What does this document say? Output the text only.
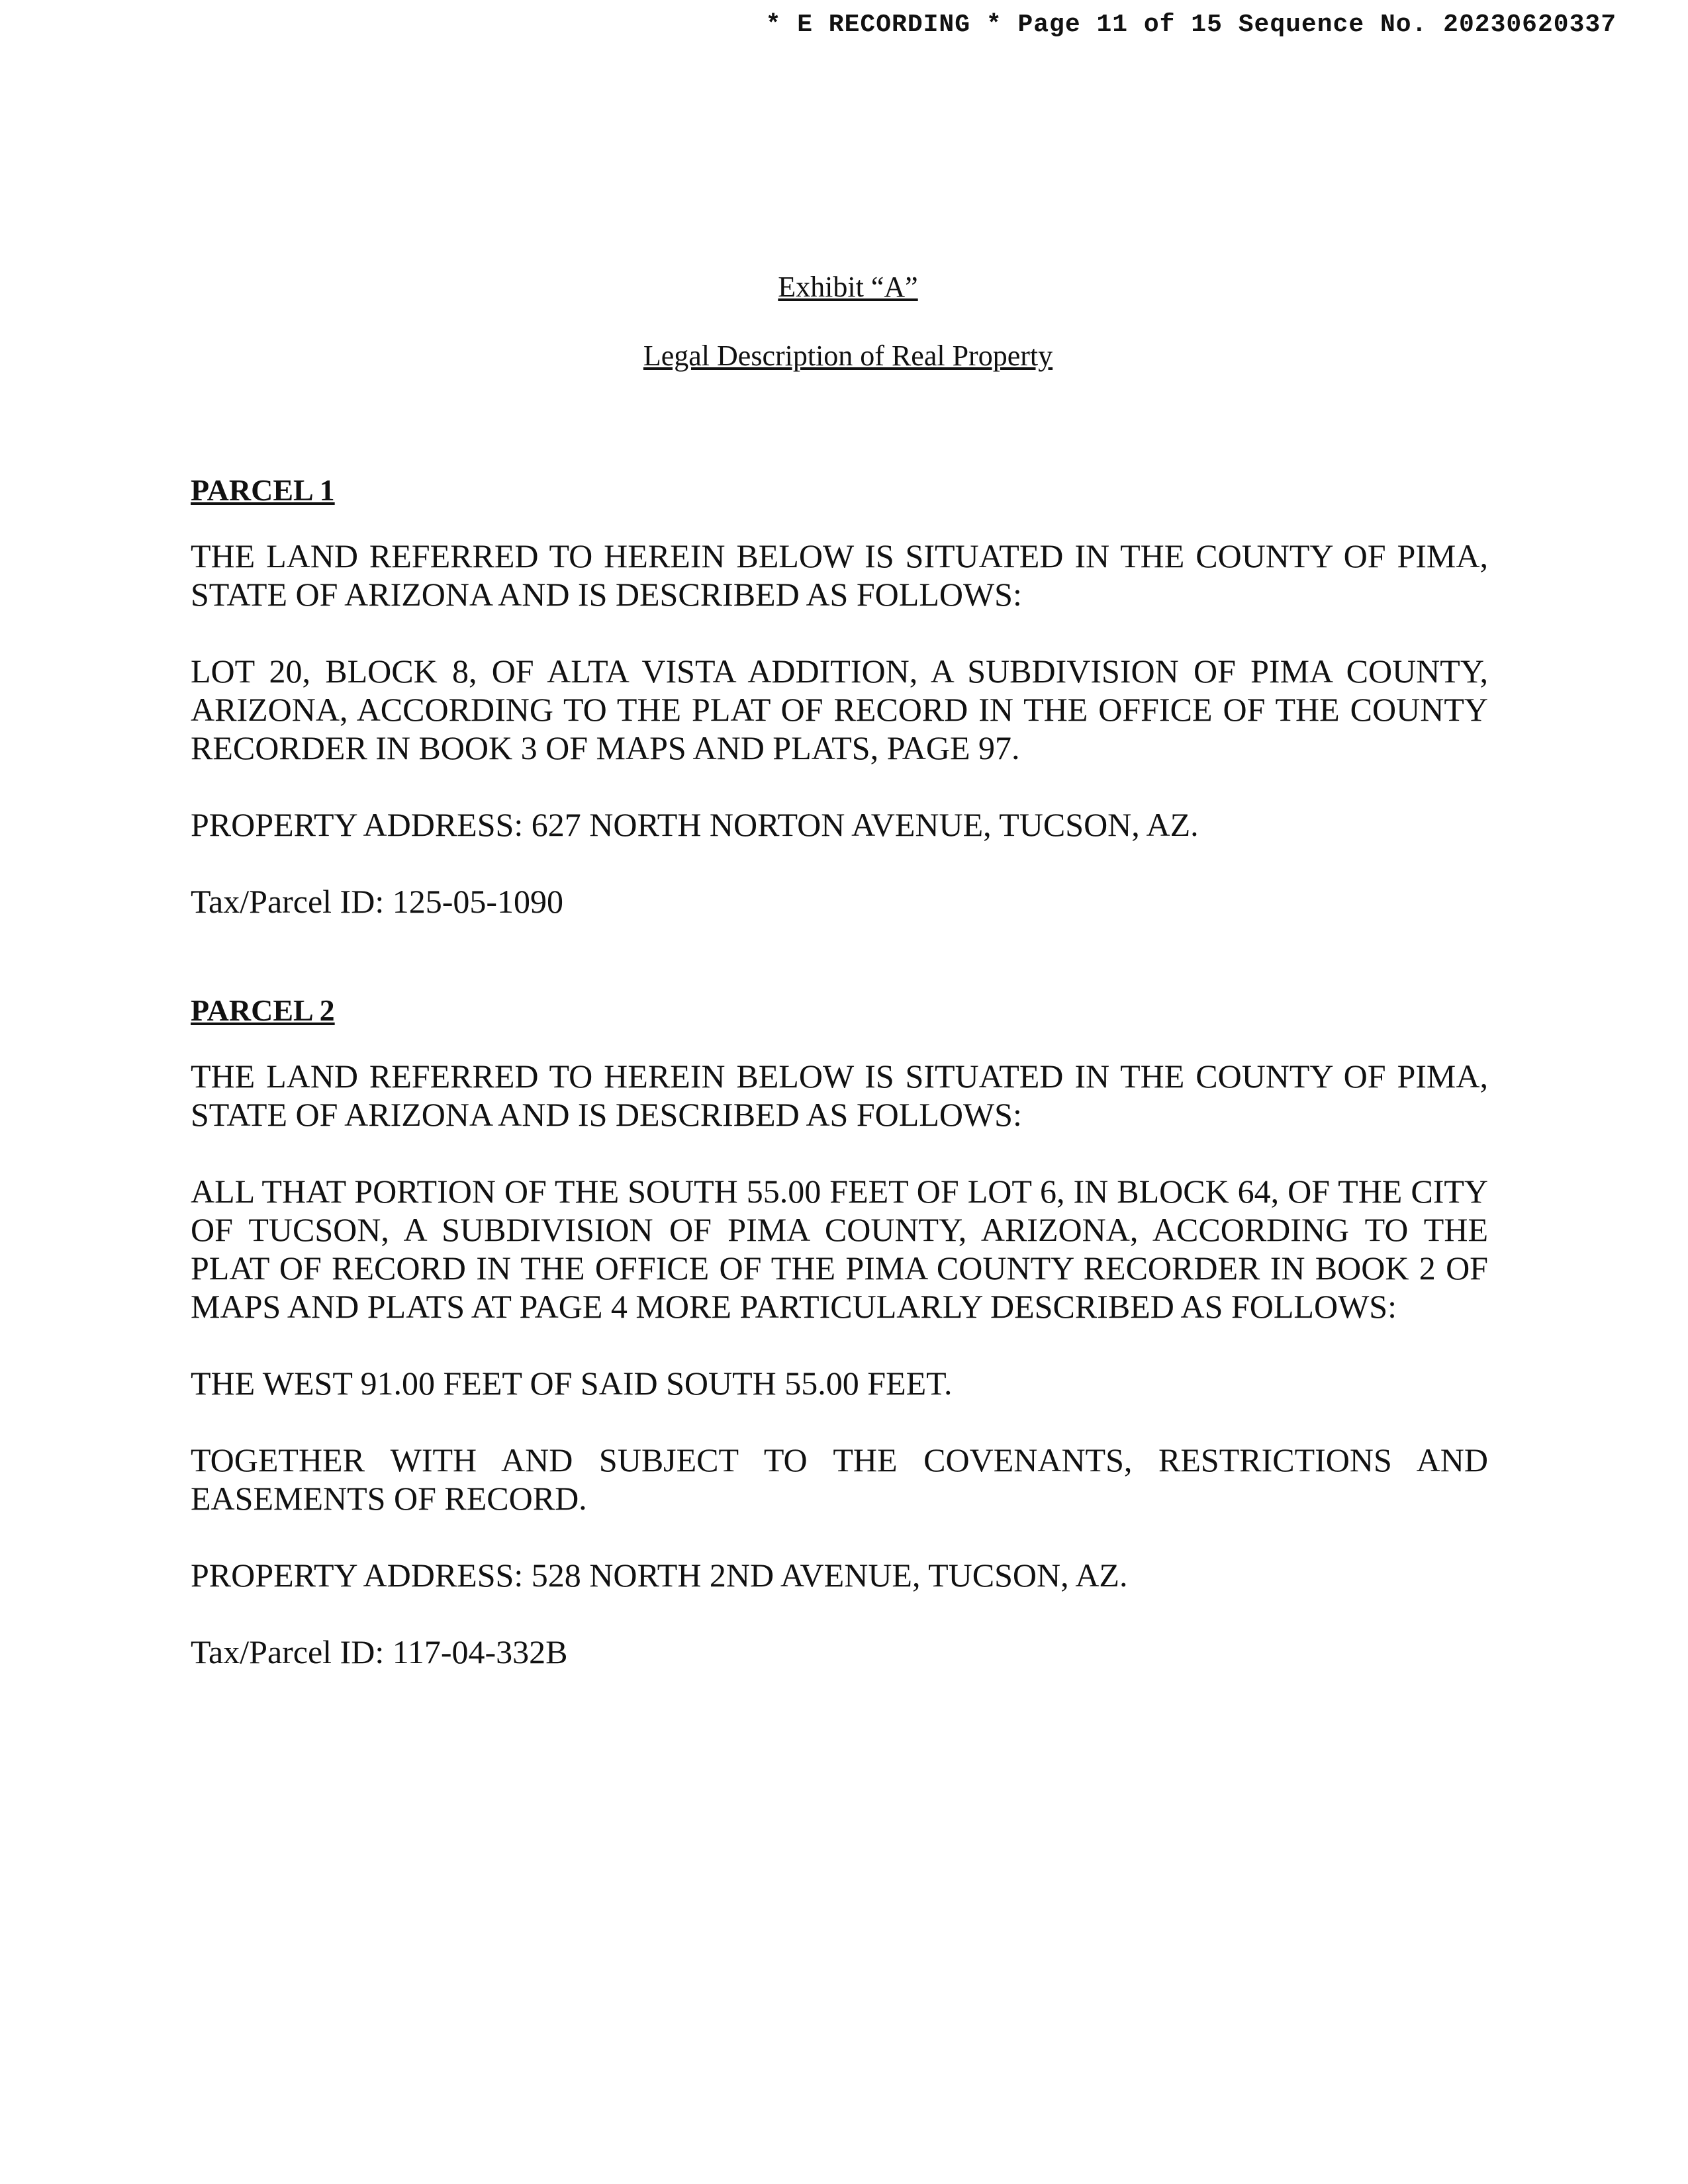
* E RECORDING * Page 11 of 15 Sequence No. 20230620337
Exhibit “A”
Legal Description of Real Property

PARCEL 1

THE LAND REFERRED TO HEREIN BELOW IS SITUATED IN THE COUNTY OF PIMA, STATE OF ARIZONA AND IS DESCRIBED AS FOLLOWS:

LOT 20, BLOCK 8, OF ALTA VISTA ADDITION, A SUBDIVISION OF PIMA COUNTY, ARIZONA, ACCORDING TO THE PLAT OF RECORD IN THE OFFICE OF THE COUNTY RECORDER IN BOOK 3 OF MAPS AND PLATS, PAGE 97.

PROPERTY ADDRESS: 627 NORTH NORTON AVENUE, TUCSON, AZ.

Tax/Parcel ID: 125-05-1090

PARCEL 2

THE LAND REFERRED TO HEREIN BELOW IS SITUATED IN THE COUNTY OF PIMA, STATE OF ARIZONA AND IS DESCRIBED AS FOLLOWS:

ALL THAT PORTION OF THE SOUTH 55.00 FEET OF LOT 6, IN BLOCK 64, OF THE CITY OF TUCSON, A SUBDIVISION OF PIMA COUNTY, ARIZONA, ACCORDING TO THE PLAT OF RECORD IN THE OFFICE OF THE PIMA COUNTY RECORDER IN BOOK 2 OF MAPS AND PLATS AT PAGE 4 MORE PARTICULARLY DESCRIBED AS FOLLOWS:

THE WEST 91.00 FEET OF SAID SOUTH 55.00 FEET.

TOGETHER WITH AND SUBJECT TO THE COVENANTS, RESTRICTIONS AND EASEMENTS OF RECORD.

PROPERTY ADDRESS: 528 NORTH 2ND AVENUE, TUCSON, AZ.

Tax/Parcel ID: 117-04-332B
